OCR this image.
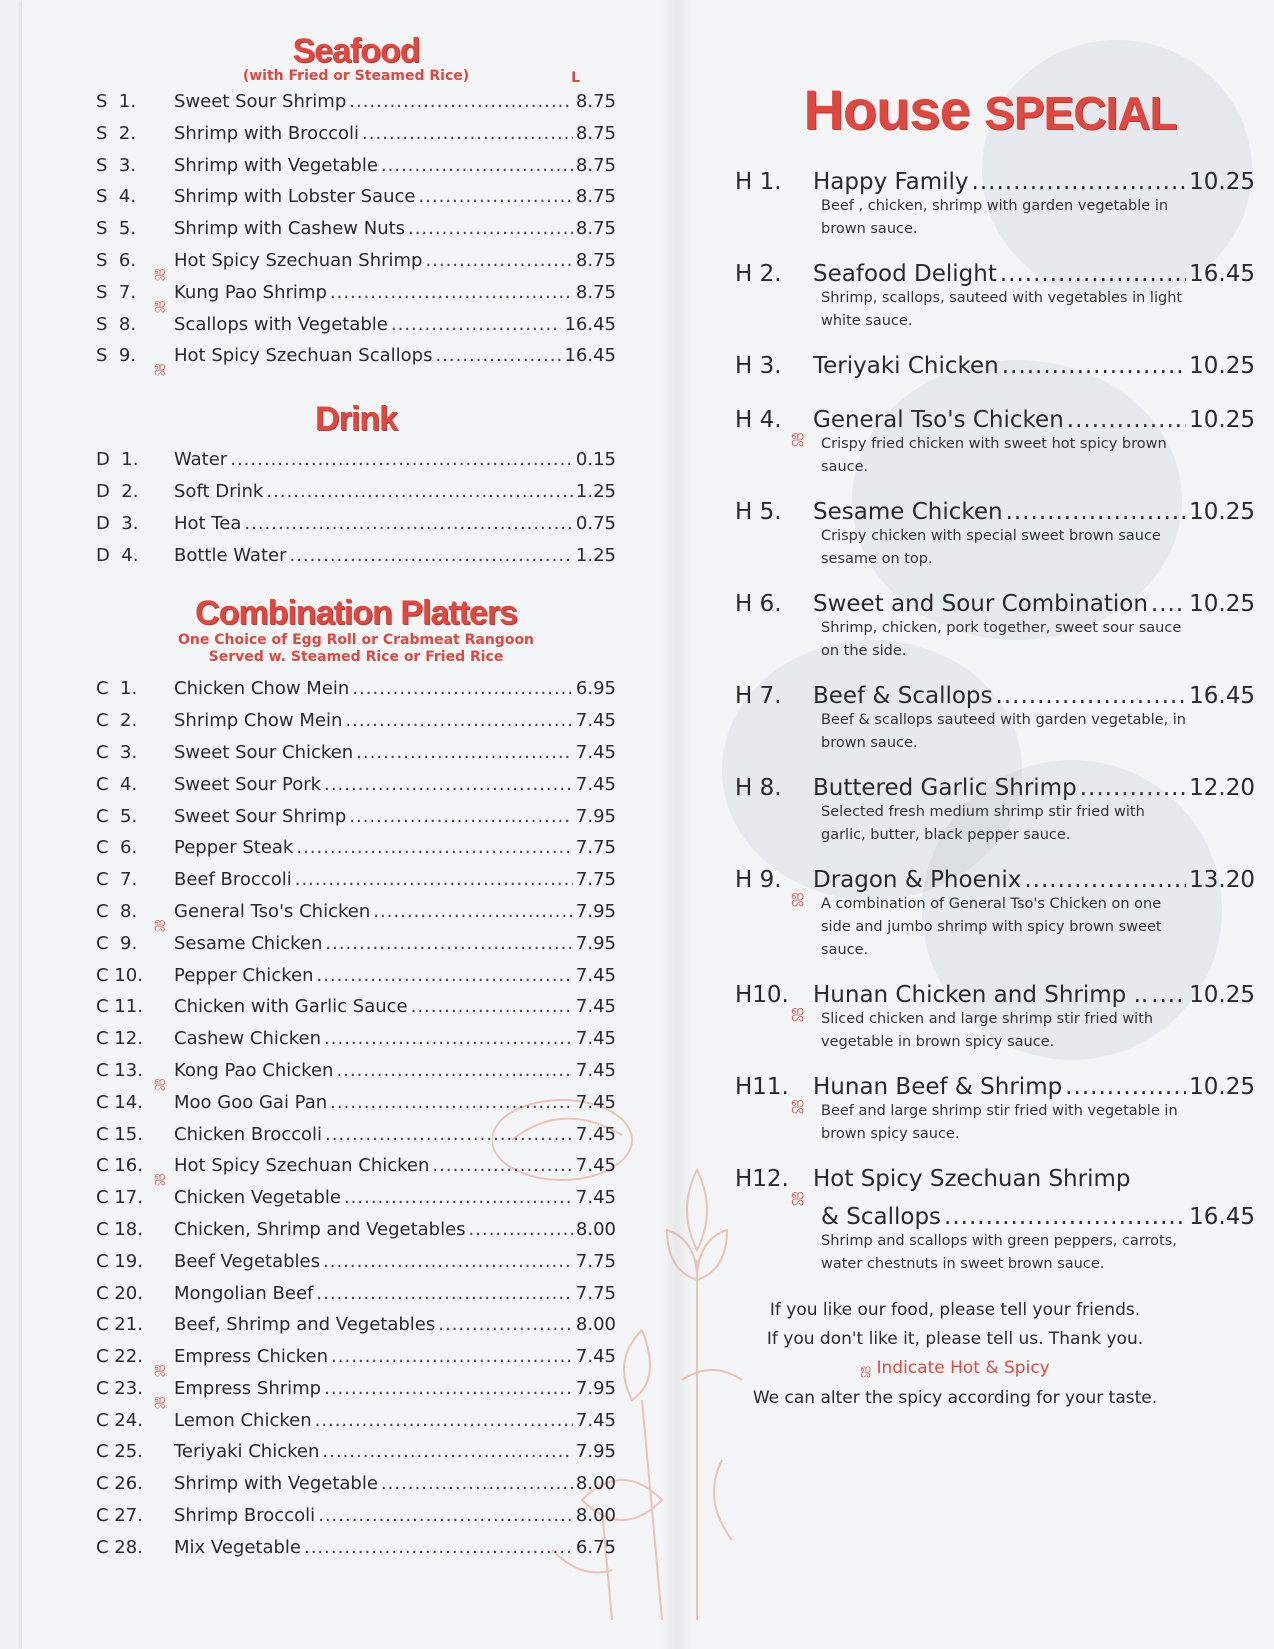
Seafood
(with Fried or Steamed Rice)	L
S  1.	Sweet Sour Shrimp .....	8.75
S  2.	Shrimp with Broccoli .....	8.75
S  3.	Shrimp with Vegetable .....	8.75
S  4.	Shrimp with Lobster Sauce .....	8.75
S  5.	Shrimp with Cashew Nuts .....	8.75
S  6.
ஜ
Hot Spicy Szechuan Shrimp .....	8.75
S  7.
ஜ
Kung Pao Shrimp .....	8.75
S  8.	Scallops with Vegetable .....	16.45
S  9.
ஜ
Hot Spicy Szechuan Scallops .....	16.45
Drink
D  1.	Water .....	0.15
D  2.	Soft Drink .....	1.25
D  3.	Hot Tea .....	0.75
D  4.	Bottle Water .....	1.25
Combination Platters
One Choice of Egg Roll or Crabmeat Rangoon
Served w. Steamed Rice or Fried Rice
C  1.	Chicken Chow Mein .....	6.95
C  2.	Shrimp Chow Mein .....	7.45
C  3.	Sweet Sour Chicken .....	7.45
C  4.	Sweet Sour Pork .....	7.45
C  5.	Sweet Sour Shrimp .....	7.95
C  6.	Pepper Steak .....	7.75
C  7.	Beef Broccoli .....	7.75
C  8.
ஜ
General Tso's Chicken .....	7.95
C  9.	Sesame Chicken .....	7.95
C 10.	Pepper Chicken .....	7.45
C 11.	Chicken with Garlic Sauce .....	7.45
C 12.	Cashew Chicken .....	7.45
C 13.
ஜ
Kong Pao Chicken .....	7.45
C 14.	Moo Goo Gai Pan .....	7.45
C 15.	Chicken Broccoli .....	7.45
C 16.
ஜ
Hot Spicy Szechuan Chicken .....	7.45
C 17.	Chicken Vegetable .....	7.45
C 18.	Chicken, Shrimp and Vegetables .....	8.00
C 19.	Beef Vegetables .....	7.75
C 20.	Mongolian Beef .....	7.75
C 21.	Beef, Shrimp and Vegetables .....	8.00
C 22.
ஜ
Empress Chicken .....	7.45
C 23.
ஜ
Empress Shrimp .....	7.95
C 24.	Lemon Chicken .....	7.45
C 25.	Teriyaki Chicken .....	7.95
C 26.	Shrimp with Vegetable .....	8.00
C 27.	Shrimp Broccoli .....	8.00
C 28.	Mix Vegetable .....	6.75
House SPECIAL
H 1.	Happy Family .....	10.25
Beef , chicken, shrimp with garden vegetable in brown sauce.
H 2.	Seafood Delight .....	16.45
Shrimp, scallops, sauteed with vegetables in light white sauce.
H 3.	Teriyaki Chicken .....	10.25
H 4.
ஜ
General Tso's Chicken .....	10.25
Crispy fried chicken with sweet hot spicy brown sauce.
H 5.	Sesame Chicken .....	10.25
Crispy chicken with special sweet brown sauce sesame on top.
H 6.	Sweet and Sour Combination ..... 10.25
Shrimp, chicken, pork together, sweet sour sauce on the side.
H 7.	Beef & Scallops .....	16.45
Beef & scallops sauteed with garden vegetable, in brown sauce.
H 8.	Buttered Garlic Shrimp .....	12.20
Selected fresh medium shrimp stir fried with garlic, butter, black pepper sauce.
H 9.
ஜ
Dragon & Phoenix .....	13.20
A combination of General Tso's Chicken on one side and jumbo shrimp with spicy brown sweet sauce.
H10.
ஜ
Hunan Chicken and Shrimp .. ..... 10.25
Sliced chicken and large shrimp stir fried with vegetable in brown spicy sauce.
H11.
ஜ
Hunan Beef & Shrimp .....	10.25
Beef and large shrimp stir fried with vegetable in brown spicy sauce.
H12.
ஜ
Hot Spicy Szechuan Shrimp
& Scallops .....	16.45
Shrimp and scallops with green peppers, carrots, water chestnuts in sweet brown sauce.
If you like our food, please tell your friends.
If you don't like it, please tell us. Thank you.
ஜ Indicate Hot & Spicy
We can alter the spicy according for your taste.
